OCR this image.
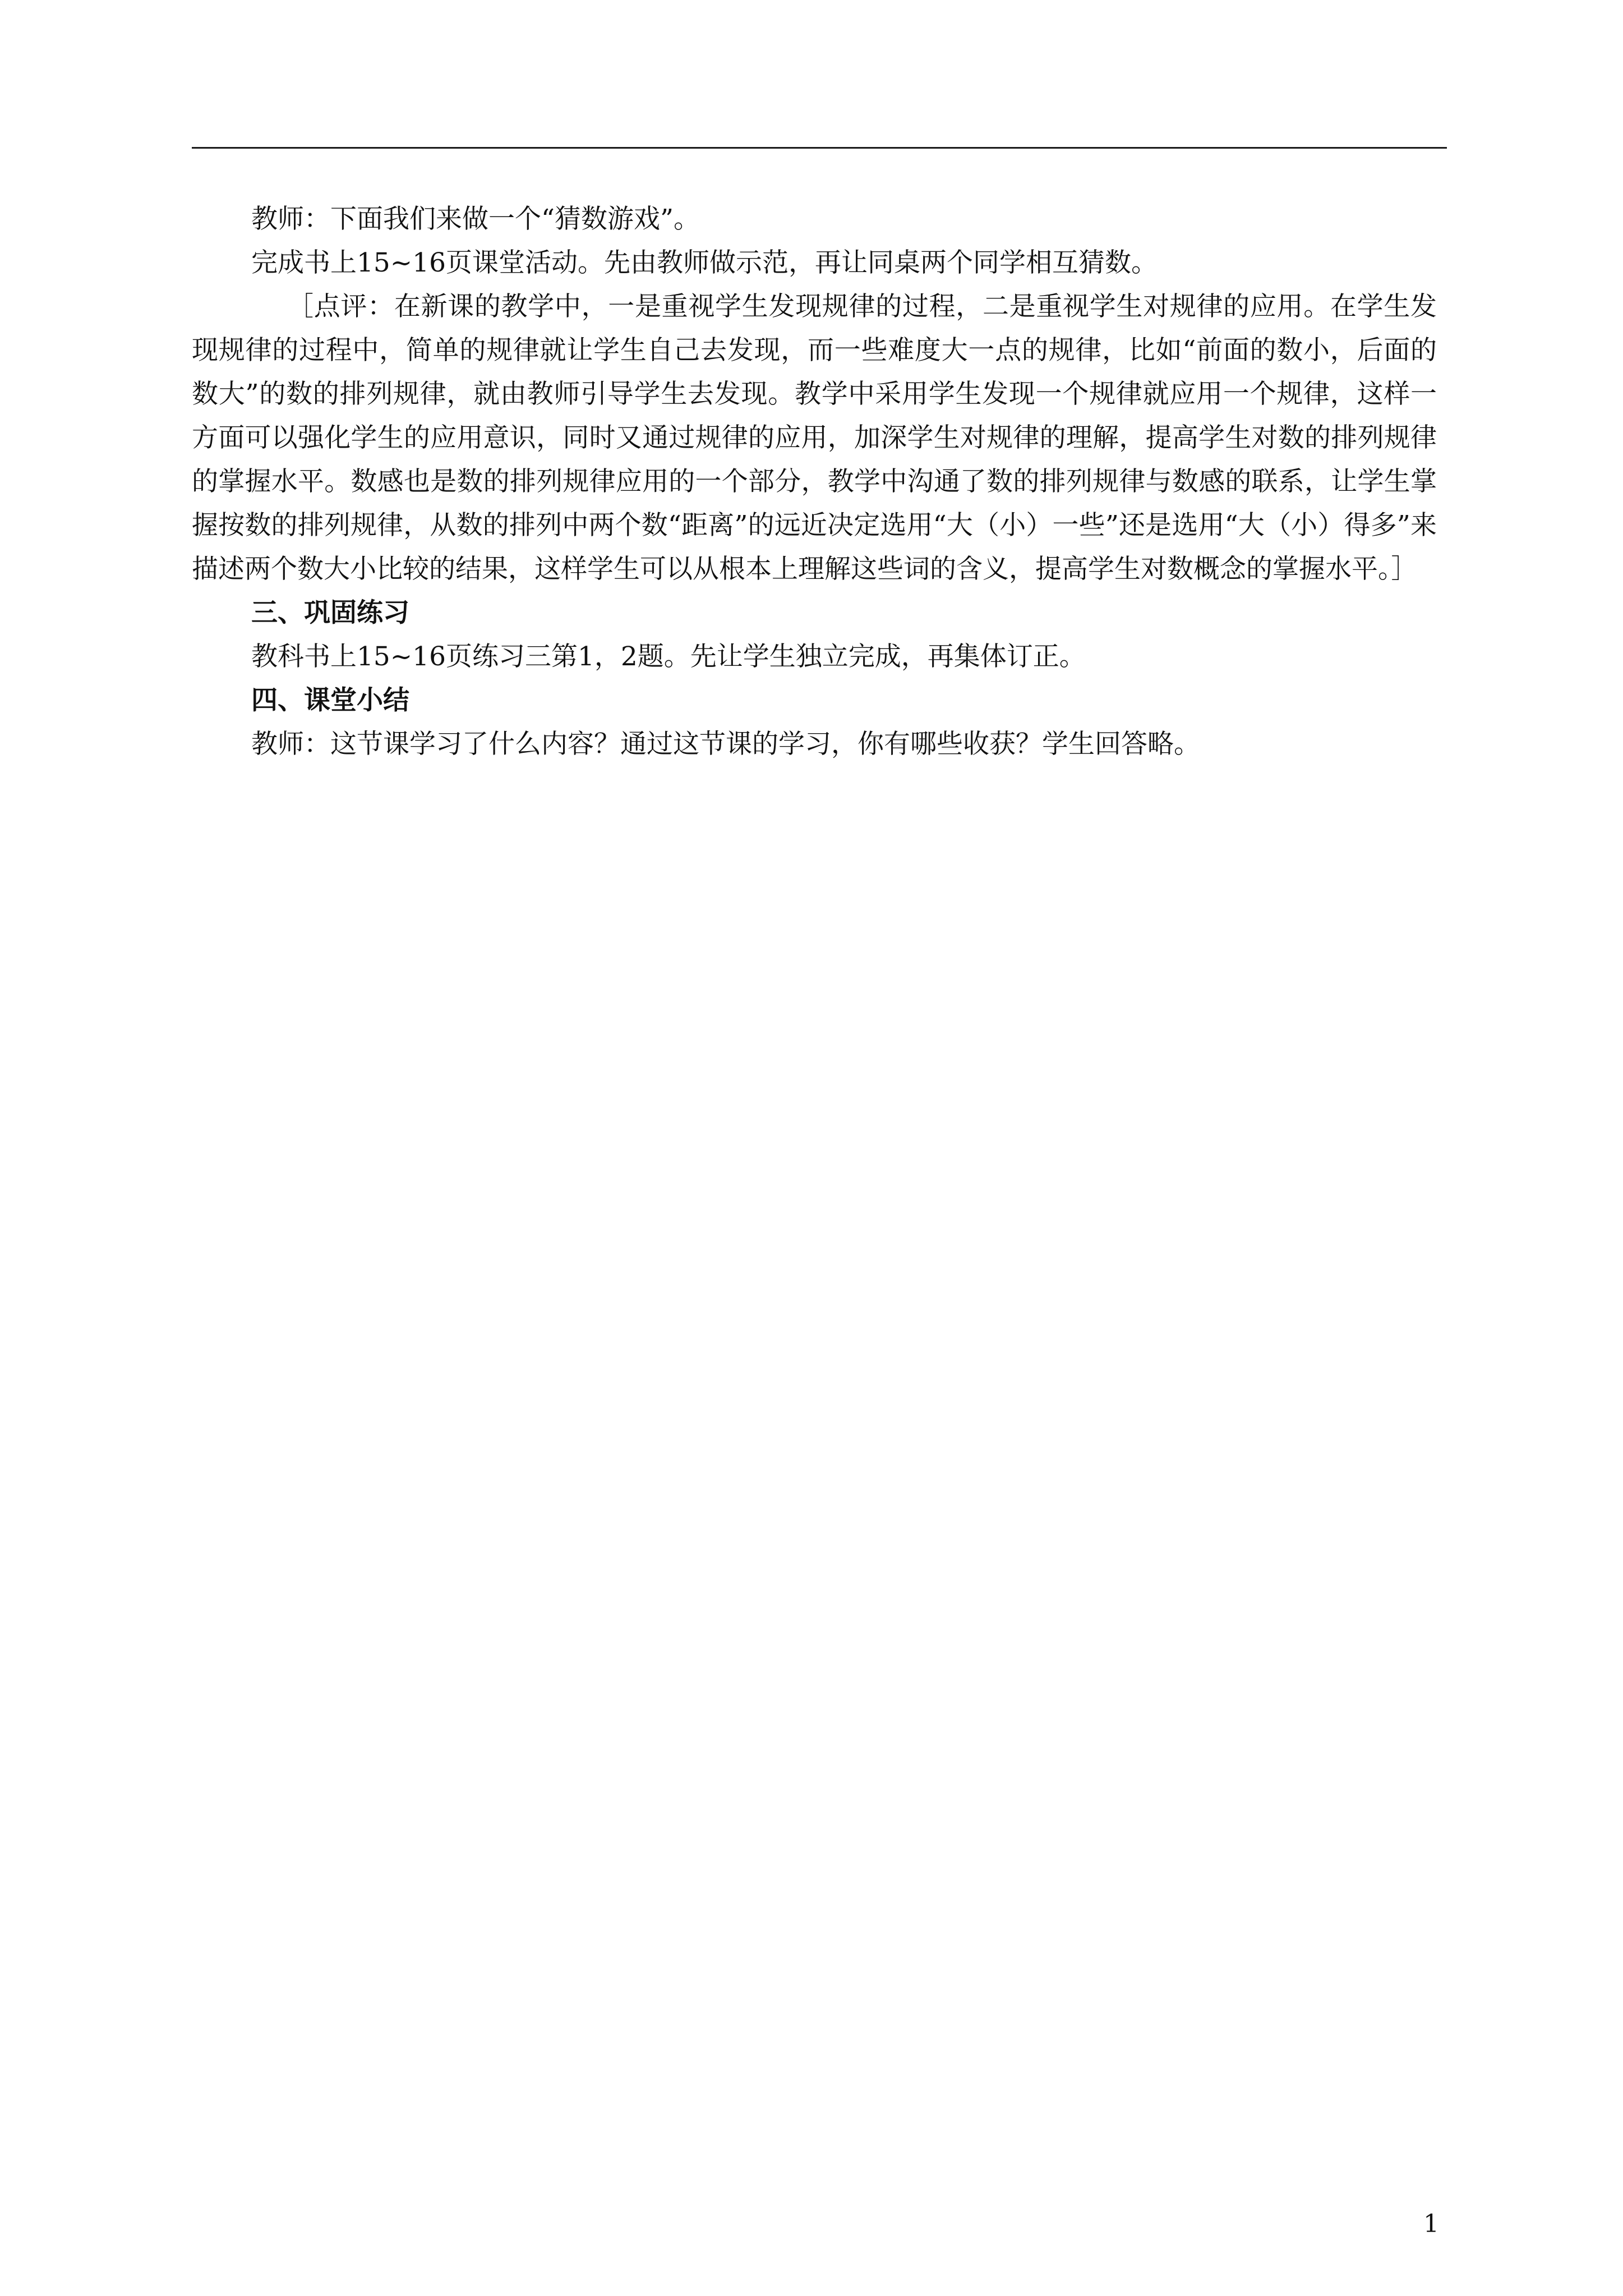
教师：下面我们来做一个“猜数游戏”。

完成书上15~16页课堂活动。先由教师做示范，再让同桌两个同学相互猜数。

［点评：在新课的教学中，一是重视学生发现规律的过程，二是重视学生对规律的应用。在学生发现规律的过程中，简单的规律就让学生自己去发现，而一些难度大一点的规律，比如“前面的数小，后面的数大”的数的排列规律，就由教师引导学生去发现。教学中采用学生发现一个规律就应用一个规律，这样一方面可以强化学生的应用意识，同时又通过规律的应用，加深学生对规律的理解，提高学生对数的排列规律的掌握水平。数感也是数的排列规律应用的一个部分，教学中沟通了数的排列规律与数感的联系，让学生掌握按数的排列规律，从数的排列中两个数“距离”的远近决定选用“大（小）一些”还是选用“大（小）得多”来描述两个数大小比较的结果，这样学生可以从根本上理解这些词的含义，提高学生对数概念的掌握水平。］

三、巩固练习

教科书上15~16页练习三第1，2题。先让学生独立完成，再集体订正。

四、课堂小结

教师：这节课学习了什么内容？通过这节课的学习，你有哪些收获？学生回答略。

1
